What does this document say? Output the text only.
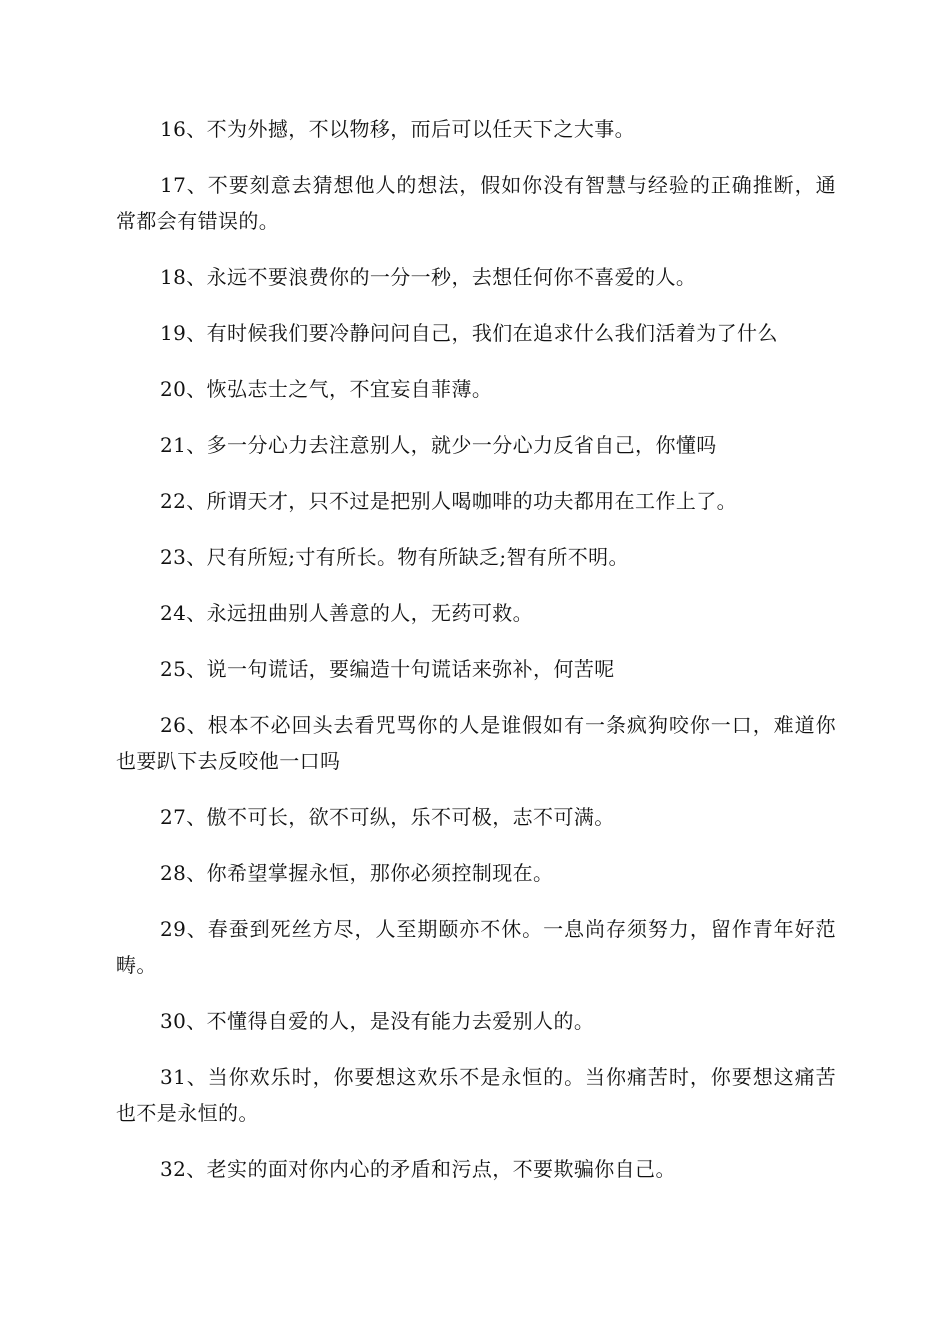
16、不为外撼，不以物移，而后可以任天下之大事。

17、不要刻意去猜想他人的想法，假如你没有智慧与经验的正确推断，通常都会有错误的。

18、永远不要浪费你的一分一秒，去想任何你不喜爱的人。

19、有时候我们要冷静问问自己，我们在追求什么我们活着为了什么

20、恢弘志士之气，不宜妄自菲薄。

21、多一分心力去注意别人，就少一分心力反省自己，你懂吗

22、所谓天才，只不过是把别人喝咖啡的功夫都用在工作上了。

23、尺有所短;寸有所长。物有所缺乏;智有所不明。

24、永远扭曲别人善意的人，无药可救。

25、说一句谎话，要编造十句谎话来弥补，何苦呢

26、根本不必回头去看咒骂你的人是谁假如有一条疯狗咬你一口，难道你也要趴下去反咬他一口吗

27、傲不可长，欲不可纵，乐不可极，志不可满。

28、你希望掌握永恒，那你必须控制现在。

29、春蚕到死丝方尽，人至期颐亦不休。一息尚存须努力，留作青年好范畴。

30、不懂得自爱的人，是没有能力去爱别人的。

31、当你欢乐时，你要想这欢乐不是永恒的。当你痛苦时，你要想这痛苦也不是永恒的。

32、老实的面对你内心的矛盾和污点，不要欺骗你自己。
